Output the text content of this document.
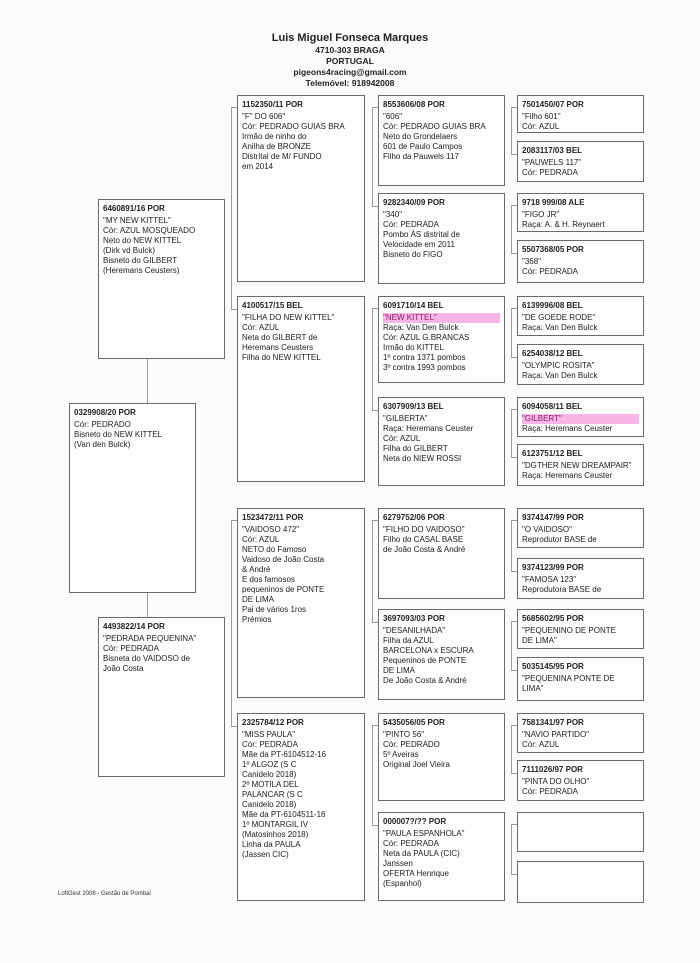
Luis Miguel Fonseca Marques
4710-303 BRAGA
PORTUGAL
pigeons4racing@gmail.com
Telemóvel: 918942008
0329908/20 POR
Cór: PEDRADO
Bisneto do NEW KITTEL
(Van den Bulck)
6460891/16 POR
"MY NEW KITTEL"
Cór: AZUL MOSQUEADO
Neto do NEW KITTEL
(Dirk vd Bulck)
Bisneto do GILBERT
(Heremans Ceusters)
4493822/14 POR
"PEDRADA PEQUENINA"
Cór: PEDRADA
Bisneta do VAIDOSO de
João Costa
1152350/11 POR
"F" DO 606"
Cór: PEDRADO GUIAS BRA
Irmão de ninho do
Anilha de BRONZE
Distrital de M/ FUNDO
em 2014
4100517/15 BEL
"FILHA DO NEW KITTEL"
Cór: AZUL
Neta do GILBERT de
Heremans Ceusters
Filha do NEW KITTEL
1523472/11 POR
"VAIDOSO 472"
Cór: AZUL
NETO do Famoso
Vaidoso de João Costa
& André
E dos famosos
pequeninos de PONTE
DE LIMA
Pai de vários 1ros
Prémios
2325784/12 POR
"MISS PAULA"
Cór: PEDRADA
Mãe da PT-6104512-16
1º ALGOZ (S C
Canidelo 2018)
2º MOTILA DEL
PALANCAR (S C
Canidelo 2018)
Mãe da PT-6104511-16
1º MONTARGIL IV
(Matosinhos 2018)
Linha da PAULA
(Jassen CIC)
8553606/08 POR
"606"
Cór: PEDRADO GUIAS BRA
Neto do Grondelaers
601 de Paulo Campos
Filho da Pauwels 117
9282340/09 POR
"340"
Cór: PEDRADA
Pombo ÁS distrital de
Velocidade em 2011
Bisneto do FIGO
6091710/14 BEL
"NEW KITTEL"
Raça: Van Den Bulck
Cór: AZUL G.BRANCAS
Irmão do KITTEL
1º contra 1371 pombos
3º contra 1993 pombos
6307909/13 BEL
"GILBERTA"
Raça: Heremans Ceuster
Cór: AZUL
Filha do GILBERT
Neta do NIEW ROSSI
6279752/06 POR
"FILHO DO VAIDOSO"
Filho do CASAL BASE
de João Costa & André
3697093/03 POR
"DESANILHADA"
Filha da AZUL
BARCELONA x ESCURA
Pequeninos de PONTE
DE LIMA
De João Costa & André
5435056/05 POR
"PINTO 56"
Cór: PEDRADO
5º Aveiras
Original Joel Vieira
000007?/?? POR
"PAULA ESPANHOLA"
Cór: PEDRADA
Neta da PAULA (CIC)
Janssen
OFERTA Henrique
(Espanhol)
7501450/07 POR
"Filho 601"
Cór: AZUL
2083117/03 BEL
"PAUWELS 117"
Cór: PEDRADA
9718 999/08 ALE
"FIGO JR"
Raça: A. & H. Reynaert
5507368/05 POR
"368"
Cór: PEDRADA
6139996/08 BEL
"DE GOEDE RODE"
Raça: Van Den Bulck
6254038/12 BEL
"OLYMPIC ROSITA"
Raça: Van Den Bulck
6094058/11 BEL
"GILBERT"
Raça: Heremans Ceuster
6123751/12 BEL
"DGTHER NEW DREAMPAIR"
Raça: Heremans Ceuster
9374147/99 POR
"O VAIDOSO"
Reprodutor BASE de
9374123/99 POR
"FAMOSA 123"
Reprodutora BASE de
5685602/95 POR
"PEQUENINO DE PONTE
DE LIMA"
5035145/95 POR
"PEQUENINA PONTE DE
LIMA"
7581341/97 POR
"NAVIO PARTIDO"
Cór: AZUL
7111026/97 POR
"PINTA DO OLHO"
Cór: PEDRADA
LoftGest 2008 - Gestão de Pombal
